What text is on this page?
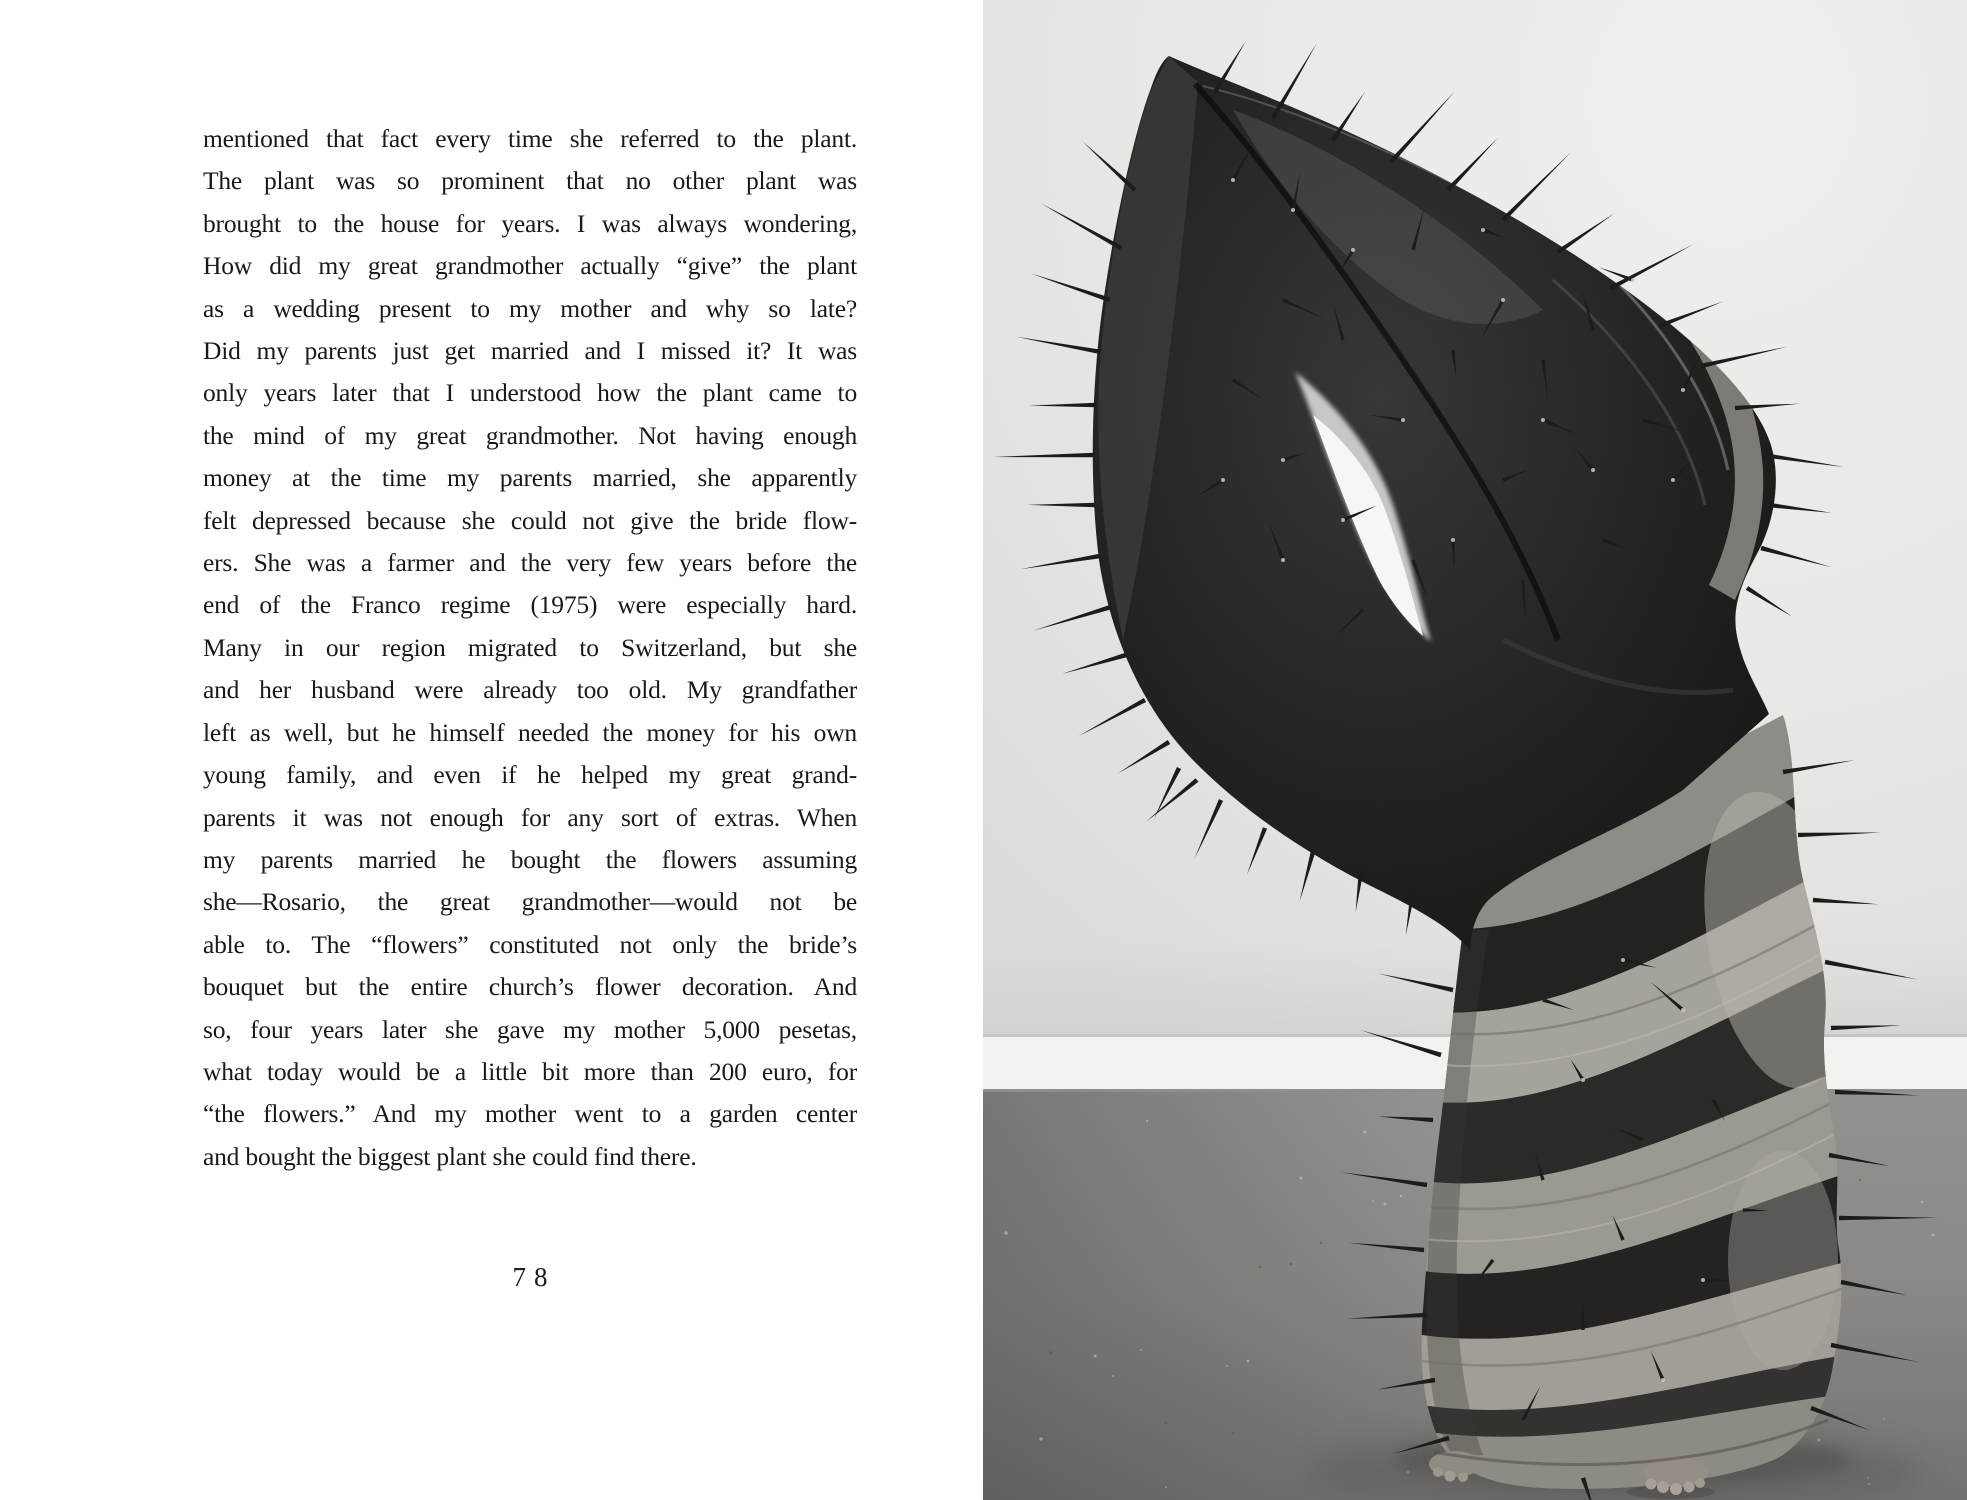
mentioned that fact every time she referred to the plant.
The plant was so prominent that no other plant was
brought to the house for years. I was always wondering,
How did my great grandmother actually “give” the plant
as a wedding present to my mother and why so late?
Did my parents just get married and I missed it? It was
only years later that I understood how the plant came to
the mind of my great grandmother. Not having enough
money at the time my parents married, she apparently
felt depressed because she could not give the bride flow-
ers. She was a farmer and the very few years before the
end of the Franco regime (1975) were especially hard.
Many in our region migrated to Switzerland, but she
and her husband were already too old. My grandfather
left as well, but he himself needed the money for his own
young family, and even if he helped my great grand-
parents it was not enough for any sort of extras. When
my parents married he bought the flowers assuming
she—Rosario, the great grandmother—would not be
able to. The “flowers” constituted not only the bride’s
bouquet but the entire church’s flower decoration. And
so, four years later she gave my mother 5,000 pesetas,
what today would be a little bit more than 200 euro, for
“the flowers.” And my mother went to a garden center
and bought the biggest plant she could find there.
78
